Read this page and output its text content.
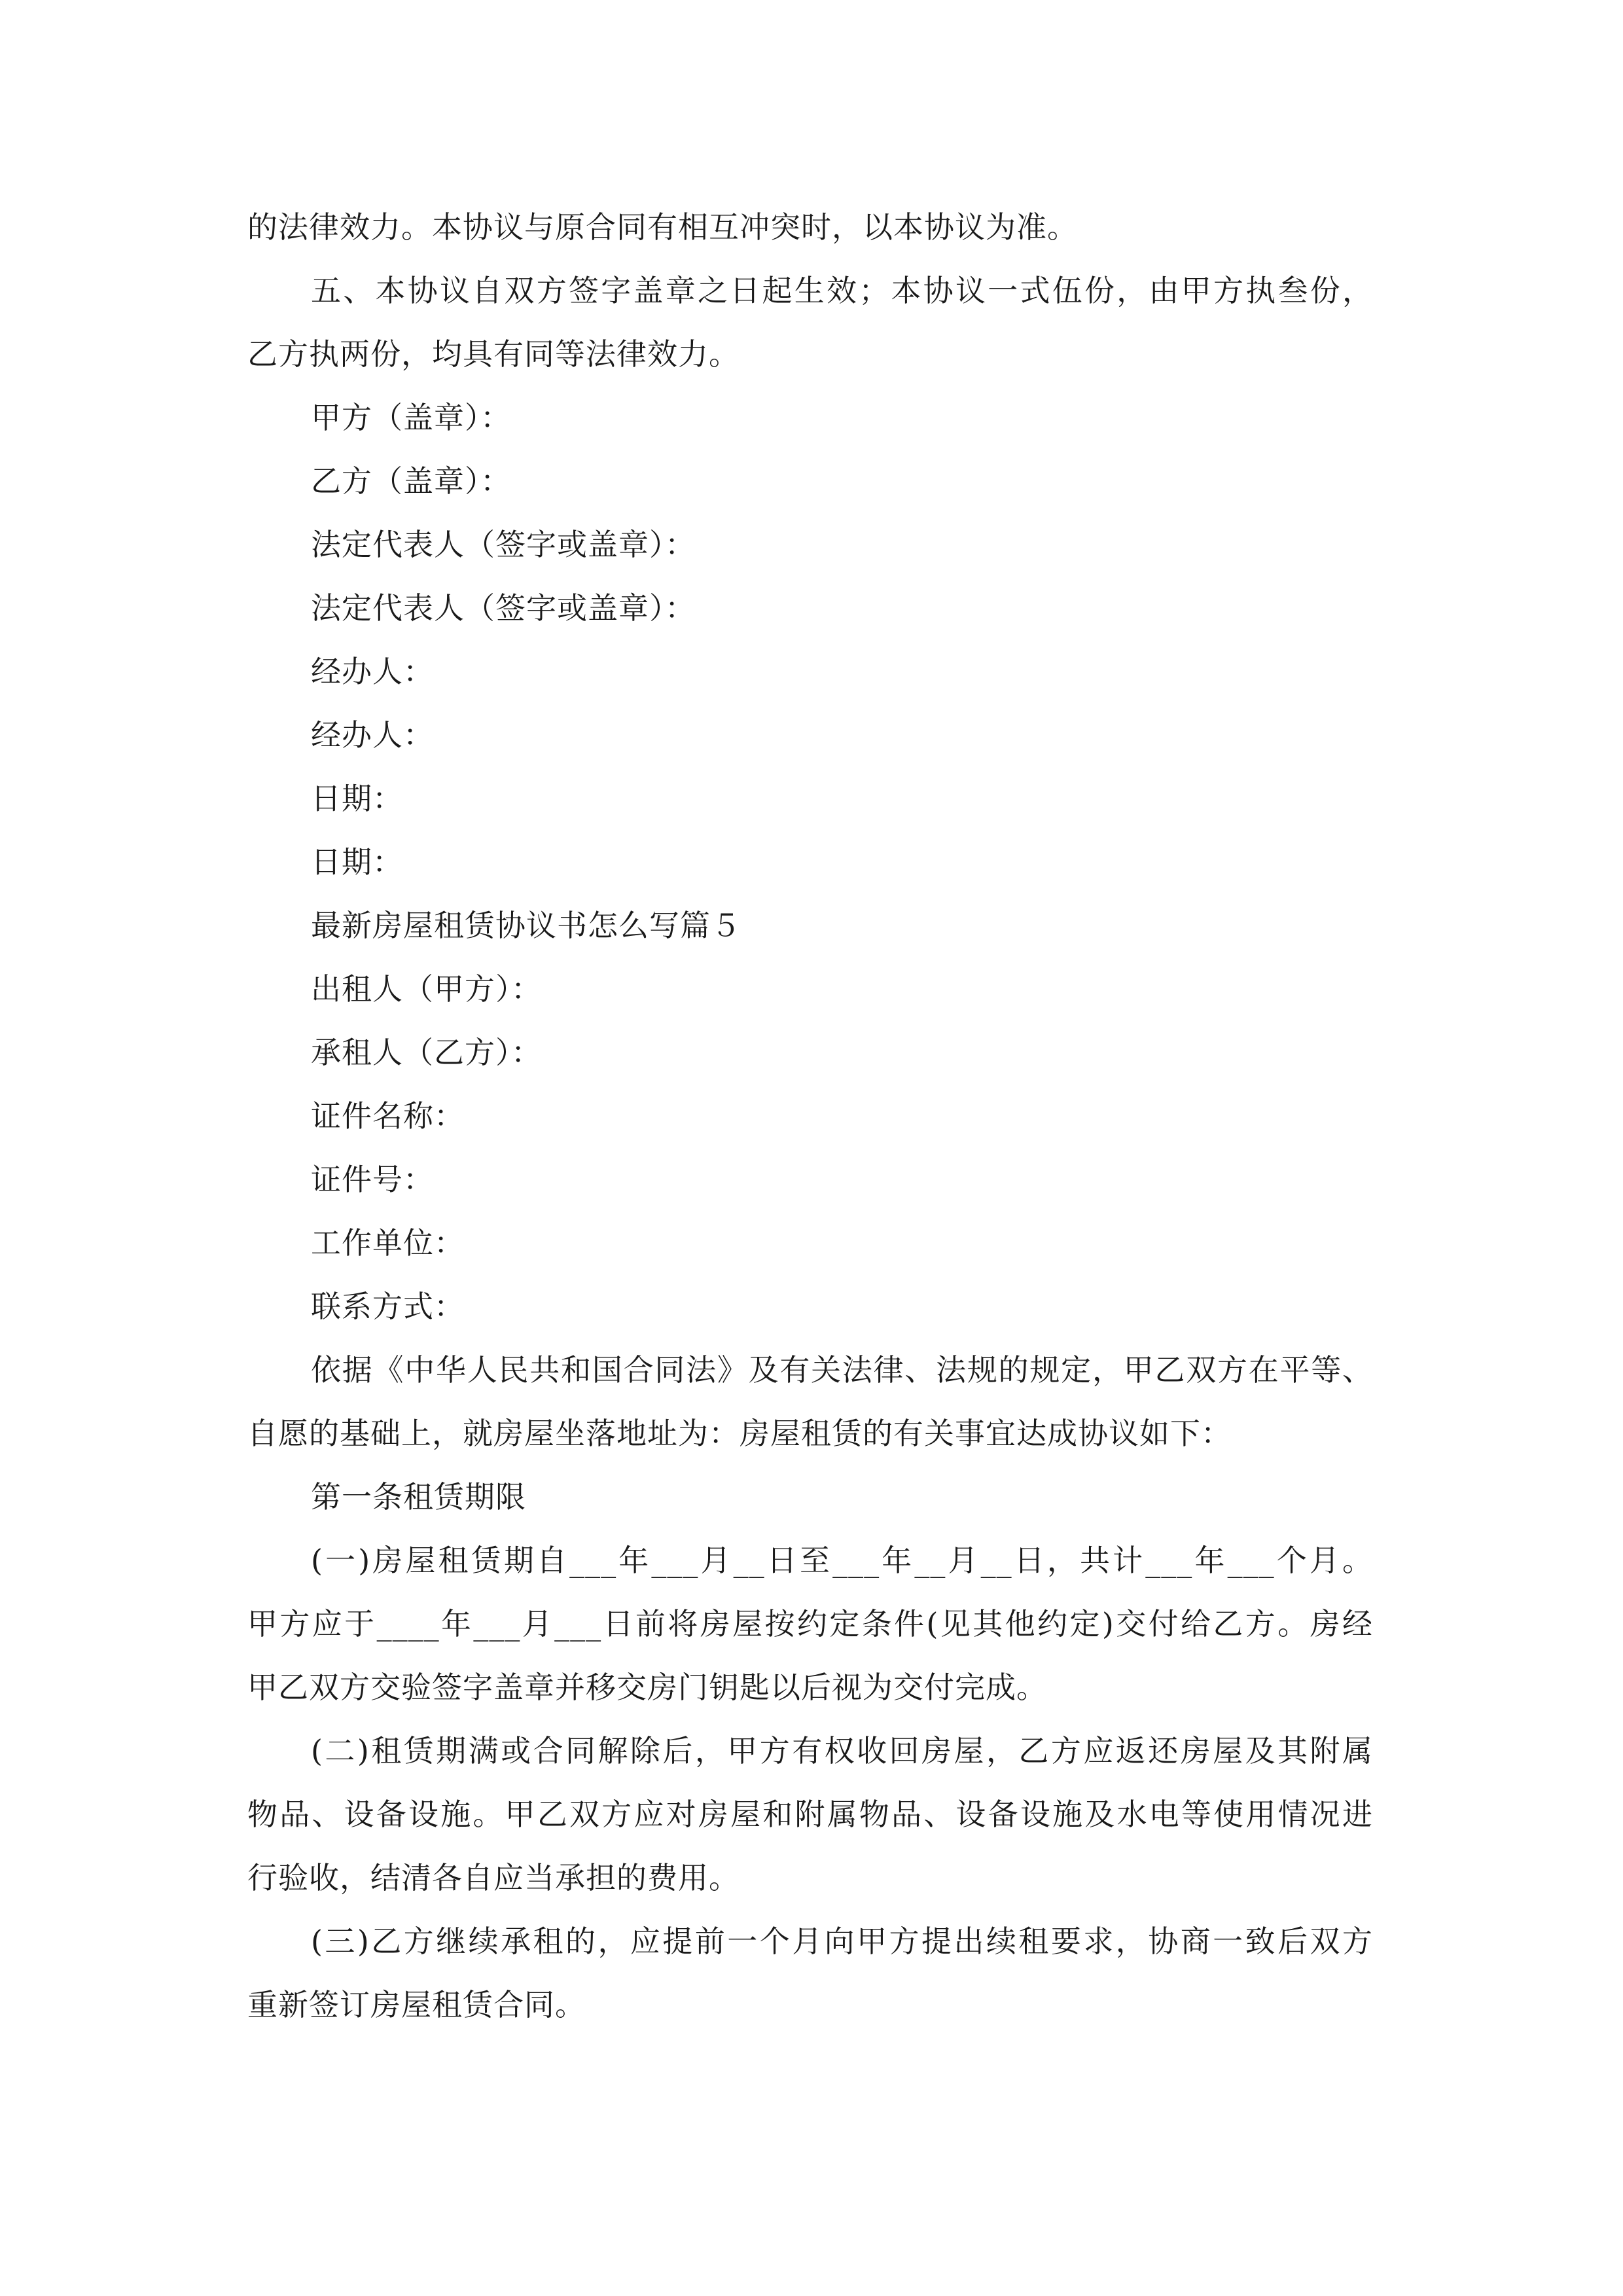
的法律效力。本协议与原合同有相互冲突时，以本协议为准。
五、本协议自双方签字盖章之日起生效；本协议一式伍份，由甲方执叁份，
乙方执两份，均具有同等法律效力。
甲方（盖章）：
乙方（盖章）：
法定代表人（签字或盖章）：
法定代表人（签字或盖章）：
经办人：
经办人：
日期：
日期：
最新房屋租赁协议书怎么写篇５
出租人（甲方）：
承租人（乙方）：
证件名称：
证件号：
工作单位：
联系方式：
依据《中华人民共和国合同法》及有关法律、法规的规定，甲乙双方在平等、
自愿的基础上，就房屋坐落地址为：房屋租赁的有关事宜达成协议如下：
第一条租赁期限
(一)房屋租赁期自___年___月__日至___年__月__日，共计___年___个月。
甲方应于____年___月___日前将房屋按约定条件(见其他约定)交付给乙方。房经
甲乙双方交验签字盖章并移交房门钥匙以后视为交付完成。
(二)租赁期满或合同解除后，甲方有权收回房屋，乙方应返还房屋及其附属
物品、设备设施。甲乙双方应对房屋和附属物品、设备设施及水电等使用情况进
行验收，结清各自应当承担的费用。
(三)乙方继续承租的，应提前一个月向甲方提出续租要求，协商一致后双方
重新签订房屋租赁合同。
